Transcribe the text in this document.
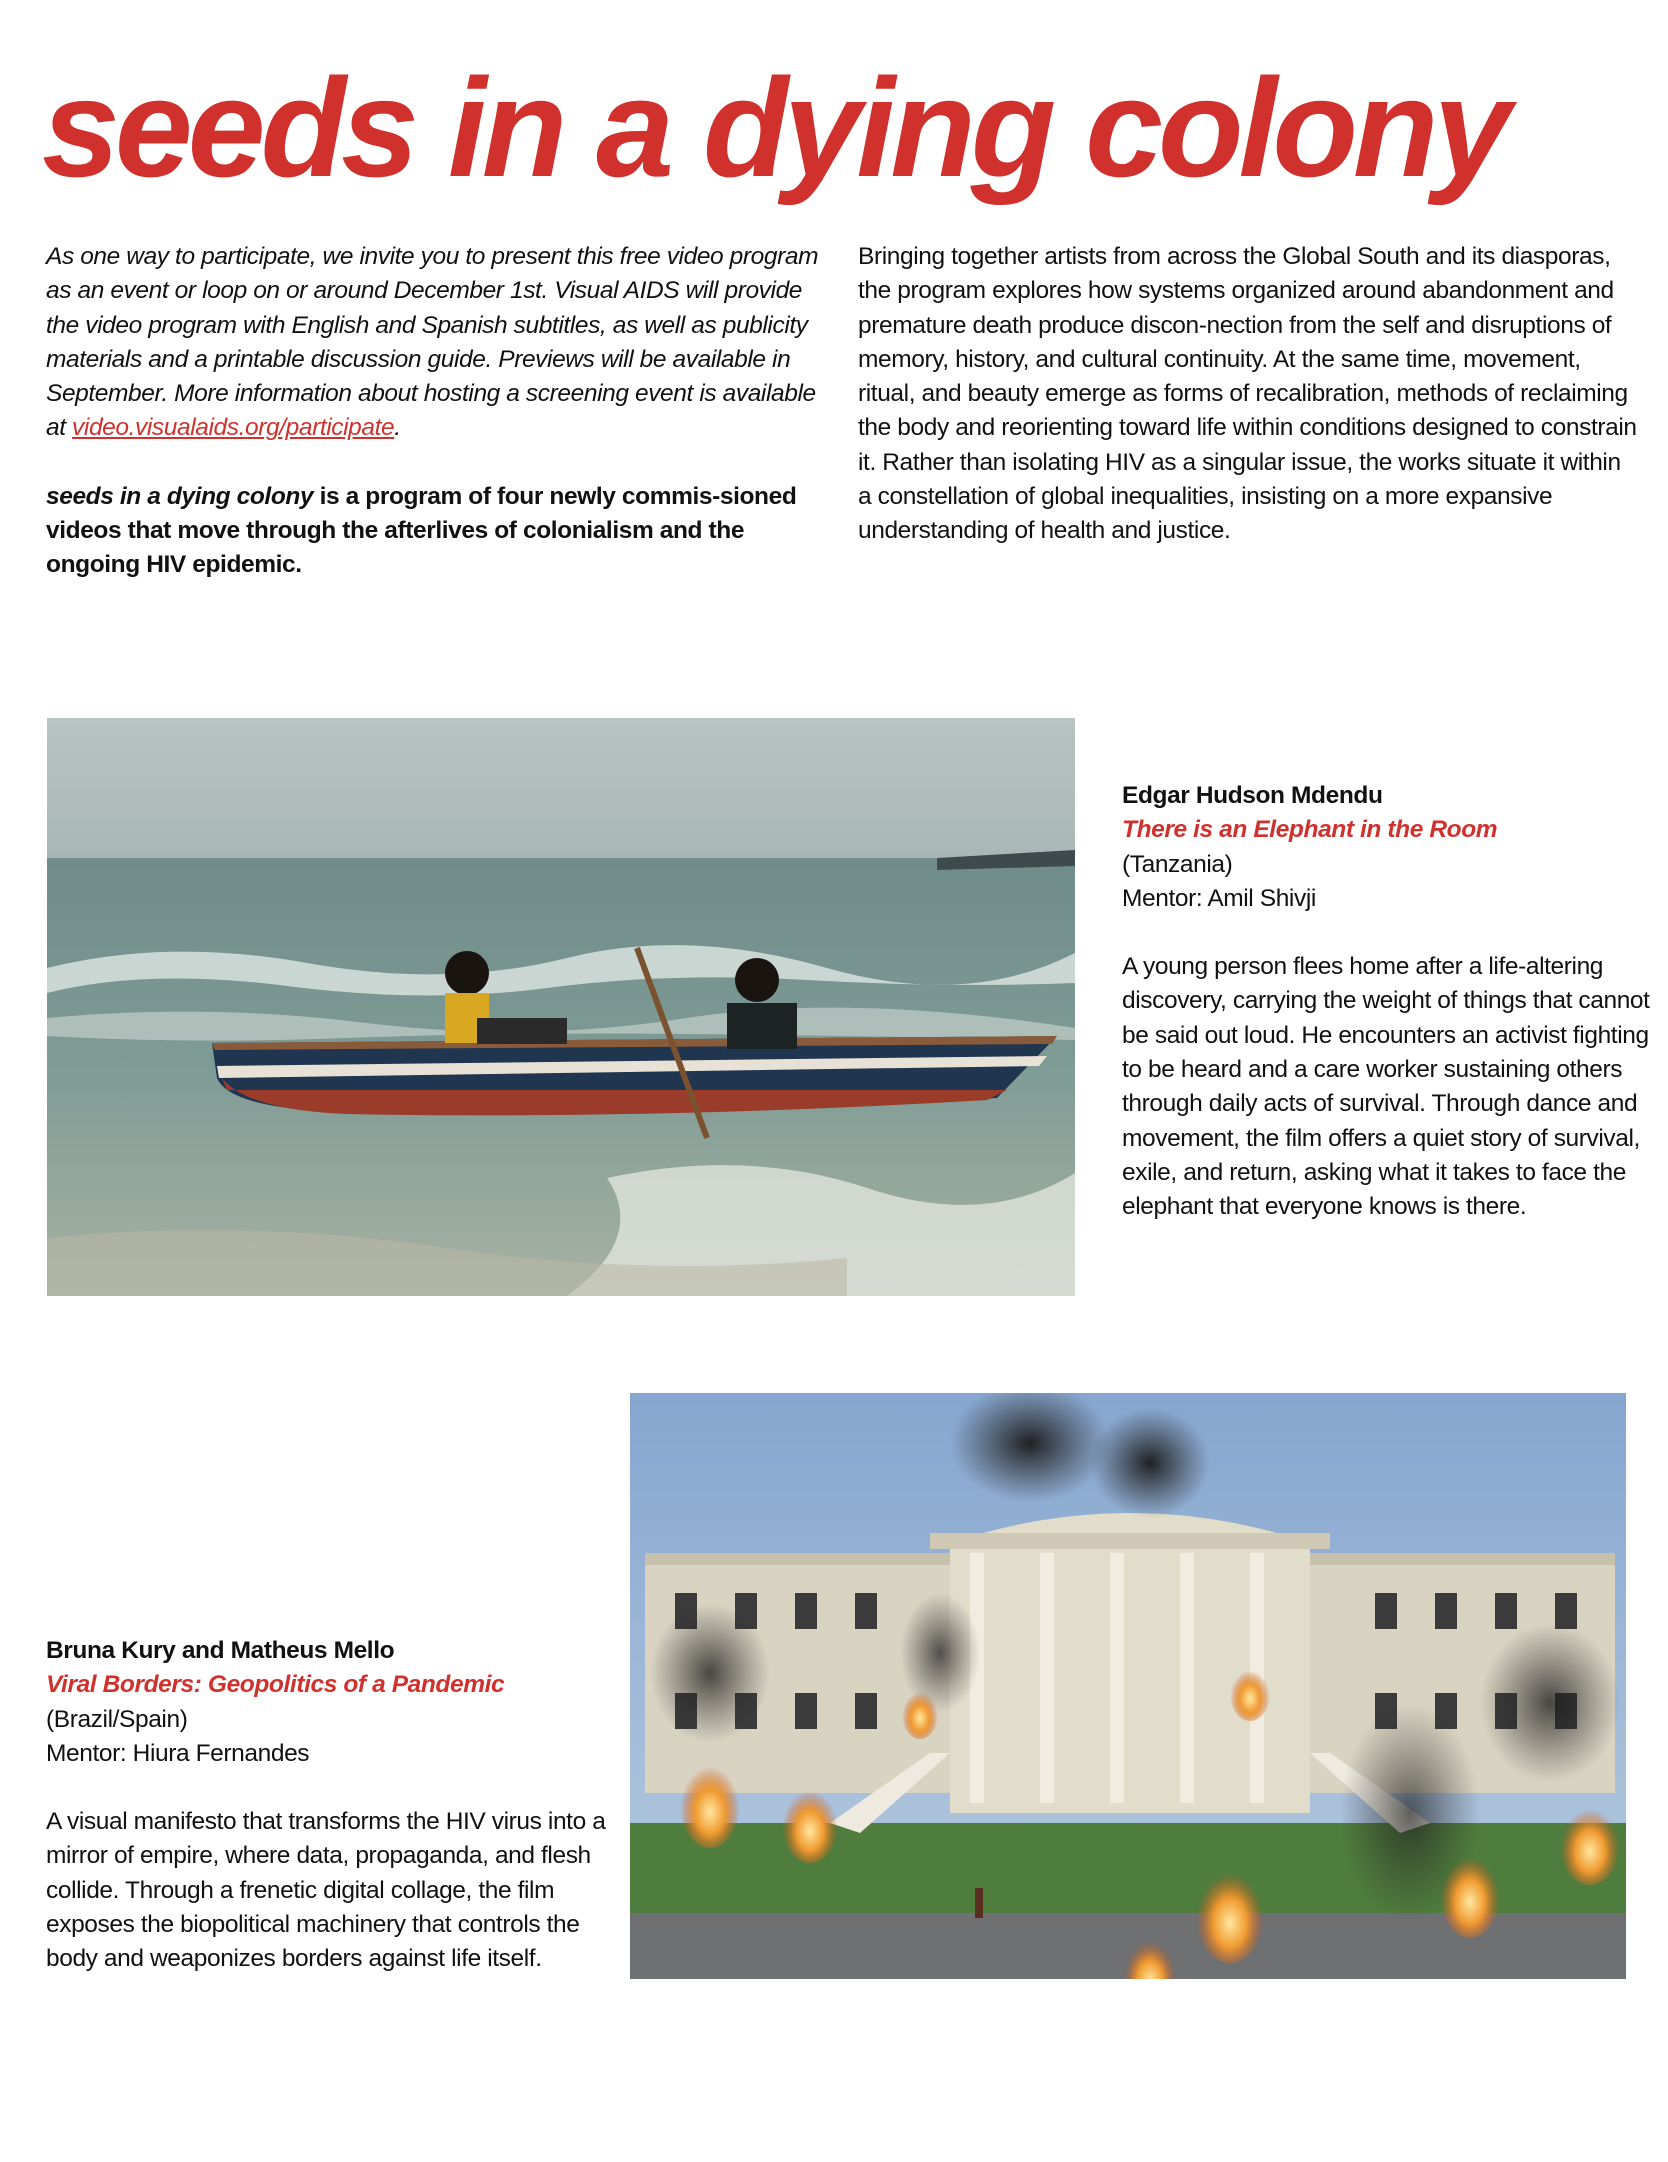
seeds in a dying colony

As one way to participate, we invite you to present this free video program as an event or loop on or around December 1st. Visual AIDS will provide the video program with English and Spanish subtitles, as well as publicity materials and a printable discussion guide. Previews will be available in September. More information about hosting a screening event is available at video.visualaids.org/participate.

seeds in a dying colony is a program of four newly commis-sioned videos that move through the afterlives of colonialism and the ongoing HIV epidemic.

Bringing together artists from across the Global South and its diasporas, the program explores how systems organized around abandonment and premature death produce discon-nection from the self and disruptions of memory, history, and cultural continuity. At the same time, movement, ritual, and beauty emerge as forms of recalibration, methods of reclaiming the body and reorienting toward life within conditions designed to constrain it. Rather than isolating HIV as a singular issue, the works situate it within a constellation of global inequalities, insisting on a more expansive understanding of health and justice.

Edgar Hudson Mdendu

There is an Elephant in the Room

(Tanzania)

Mentor: Amil Shivji

A young person flees home after a life-altering discovery, carrying the weight of things that cannot be said out loud. He encounters an activist fighting to be heard and a care worker sustaining others through daily acts of survival. Through dance and movement, the film offers a quiet story of survival, exile, and return, asking what it takes to face the elephant that everyone knows is there.

Bruna Kury and Matheus Mello

Viral Borders: Geopolitics of a Pandemic

(Brazil/Spain)

Mentor: Hiura Fernandes

A visual manifesto that transforms the HIV virus into a mirror of empire, where data, propaganda, and flesh collide. Through a frenetic digital collage, the film exposes the biopolitical machinery that controls the body and weaponizes borders against life itself.
